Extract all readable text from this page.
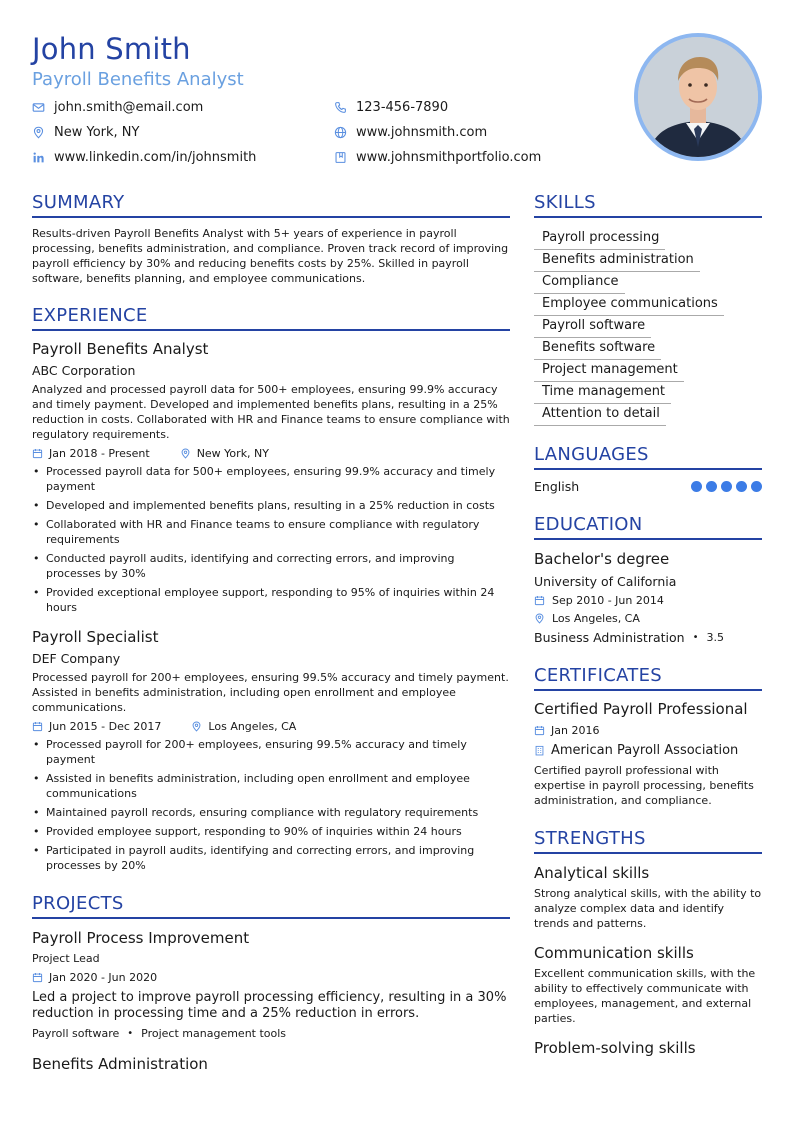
John Smith
Payroll Benefits Analyst
john.smith@email.com	123-456-7890
New York, NY	www.johnsmith.com
www.linkedin.com/in/johnsmith	www.johnsmithportfolio.com
SUMMARY
Results-driven Payroll Benefits Analyst with 5+ years of experience in payroll processing, benefits administration, and compliance. Proven track record of improving payroll efficiency by 30% and reducing benefits costs by 25%. Skilled in payroll software, benefits planning, and employee communications.
EXPERIENCE
Payroll Benefits Analyst
ABC Corporation
Analyzed and processed payroll data for 500+ employees, ensuring 99.9% accuracy and timely payment. Developed and implemented benefits plans, resulting in a 25% reduction in costs. Collaborated with HR and Finance teams to ensure compliance with regulatory requirements.
Jan 2018 - Present	New York, NY
• Processed payroll data for 500+ employees, ensuring 99.9% accuracy and timely payment
• Developed and implemented benefits plans, resulting in a 25% reduction in costs
• Collaborated with HR and Finance teams to ensure compliance with regulatory requirements
• Conducted payroll audits, identifying and correcting errors, and improving processes by 30%
• Provided exceptional employee support, responding to 95% of inquiries within 24 hours
Payroll Specialist
DEF Company
Processed payroll for 200+ employees, ensuring 99.5% accuracy and timely payment. Assisted in benefits administration, including open enrollment and employee communications.
Jun 2015 - Dec 2017	Los Angeles, CA
• Processed payroll for 200+ employees, ensuring 99.5% accuracy and timely payment
• Assisted in benefits administration, including open enrollment and employee communications
• Maintained payroll records, ensuring compliance with regulatory requirements
• Provided employee support, responding to 90% of inquiries within 24 hours
• Participated in payroll audits, identifying and correcting errors, and improving processes by 20%
PROJECTS
Payroll Process Improvement
Project Lead
Jan 2020 - Jun 2020
Led a project to improve payroll processing efficiency, resulting in a 30% reduction in processing time and a 25% reduction in errors.
Payroll software • Project management tools
Benefits Administration
SKILLS
Payroll processing
Benefits administration
Compliance
Employee communications
Payroll software
Benefits software
Project management
Time management
Attention to detail
LANGUAGES
English
EDUCATION
Bachelor's degree
University of California
Sep 2010 - Jun 2014
Los Angeles, CA
Business Administration • 3.5
CERTIFICATES
Certified Payroll Professional
Jan 2016
American Payroll Association
Certified payroll professional with expertise in payroll processing, benefits administration, and compliance.
STRENGTHS
Analytical skills
Strong analytical skills, with the ability to analyze complex data and identify trends and patterns.
Communication skills
Excellent communication skills, with the ability to effectively communicate with employees, management, and external parties.
Problem-solving skills
